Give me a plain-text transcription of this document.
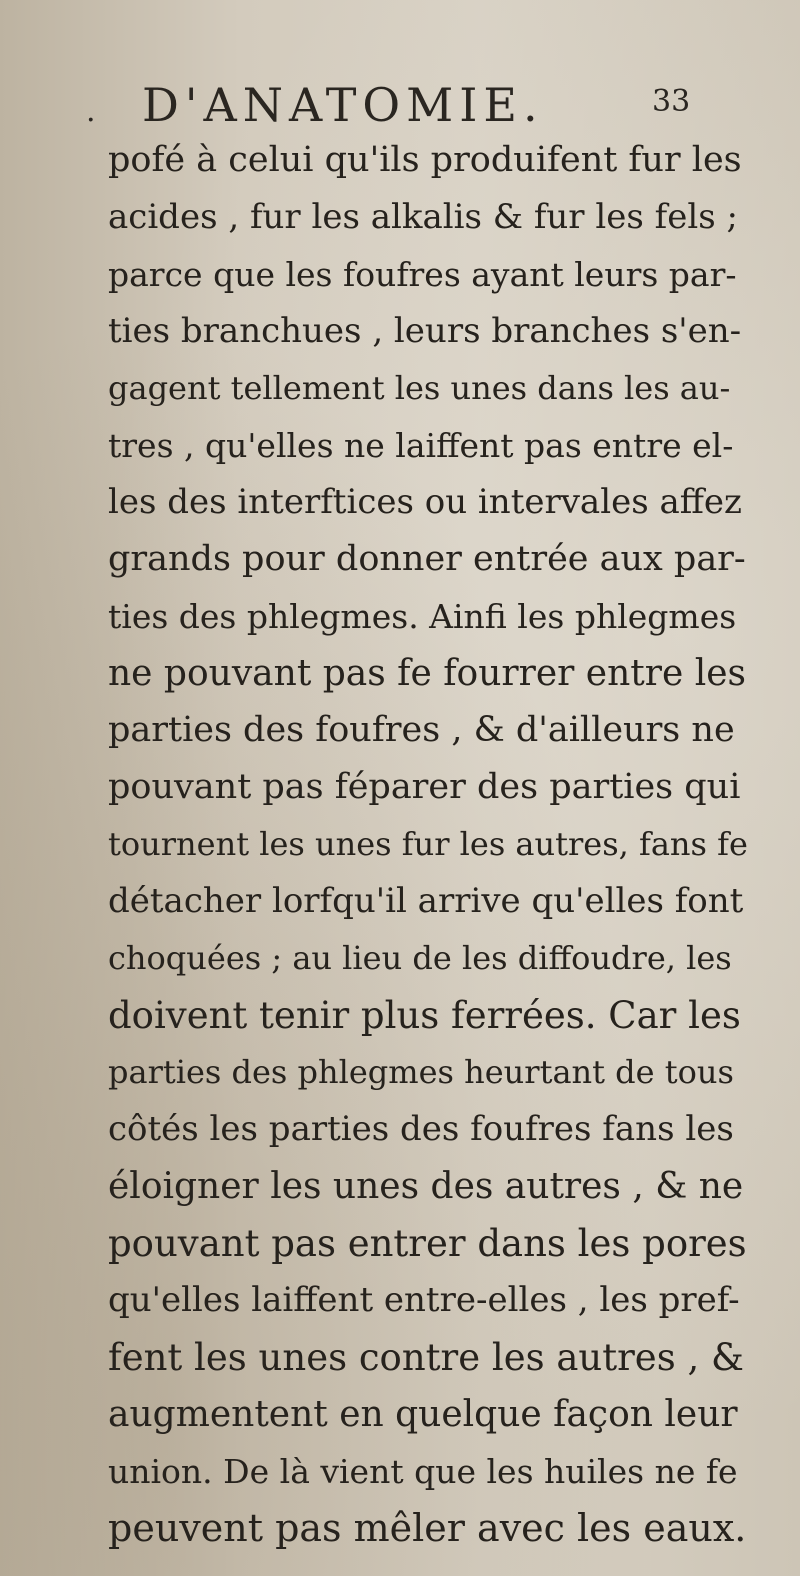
. D'ANATOMIE.	33
pofé à celui qu'ils produifent fur les
acides , fur les alkalis & fur les fels ;
parce que les foufres ayant leurs par-
ties branchues , leurs branches s'en-
gagent tellement les unes dans les au-
tres , qu'elles ne laiffent pas entre el-
les des interftices ou intervales affez
grands pour donner entrée aux par-
ties des phlegmes. Ainfi les phlegmes
ne pouvant pas fe fourrer entre les
parties des foufres , & d'ailleurs ne
pouvant pas féparer des parties qui
tournent les unes fur les autres, fans fe
détacher lorfqu'il arrive qu'elles font
choquées ; au lieu de les diffoudre, les
doivent tenir plus ferrées. Car les
parties des phlegmes heurtant de tous
côtés les parties des foufres fans les
éloigner les unes des autres , & ne
pouvant pas entrer dans les pores
qu'elles laiffent entre-elles , les pref-
fent les unes contre les autres , &
augmentent en quelque façon leur
union. De là vient que les huiles ne fe
peuvent pas mêler avec les eaux.
